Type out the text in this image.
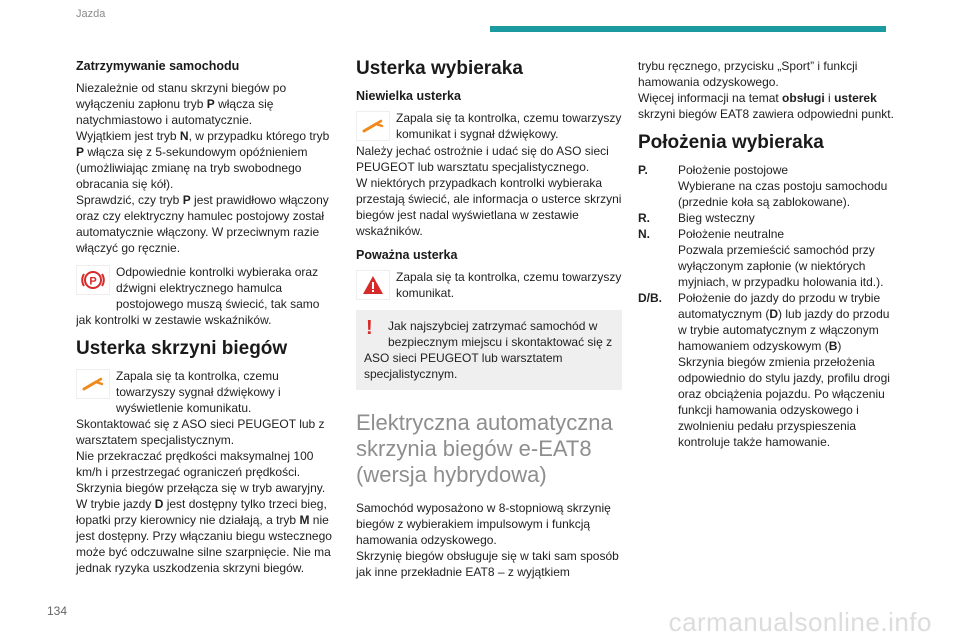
Jazda
Zatrzymywanie samochodu

Niezależnie od stanu skrzyni biegów po wyłączeniu zapłonu tryb P włącza się natychmiastowo i automatycznie.

Wyjątkiem jest tryb N, w przypadku którego tryb P włącza się z 5-sekundowym opóźnieniem (umożliwiając zmianę na tryb swobodnego obracania się kół).

Sprawdzić, czy tryb P jest prawidłowo włączony oraz czy elektryczny hamulec postojowy został automatycznie włączony. W przeciwnym razie włączyć go ręcznie.

P
Odpowiednie kontrolki wybieraka oraz dźwigni elektrycznego hamulca postojowego muszą świecić, tak samo jak kontrolki w zestawie wskaźników.
Usterka skrzyni biegów
Zapala się ta kontrolka, czemu towarzyszy sygnał dźwiękowy i wyświetlenie komunikatu.

Skontaktować się z ASO sieci PEUGEOT lub z warsztatem specjalistycznym.

Nie przekraczać prędkości maksymalnej 100 km/h i przestrzegać ograniczeń prędkości.

Skrzynia biegów przełącza się w tryb awaryjny.

W trybie jazdy D jest dostępny tylko trzeci bieg, łopatki przy kierownicy nie działają, a tryb M nie jest dostępny. Przy włączaniu biegu wstecznego może być odczuwalne silne szarpnięcie. Nie ma jednak ryzyka uszkodzenia skrzyni biegów.

Usterka wybieraka
Niewielka usterka
Zapala się ta kontrolka, czemu towarzyszy komunikat i sygnał dźwiękowy.

Należy jechać ostrożnie i udać się do ASO sieci PEUGEOT lub warsztatu specjalistycznego.

W niektórych przypadkach kontrolki wybieraka przestają świecić, ale informacja o usterce skrzyni biegów jest nadal wyświetlana w zestawie wskaźników.

Poważna usterka
Zapala się ta kontrolka, czemu towarzyszy komunikat.
!	Jak najszybciej zatrzymać samochód w bezpiecznym miejscu i skontaktować się z ASO sieci PEUGEOT lub warsztatem specjalistycznym.
Elektryczna automatyczna skrzynia biegów e-EAT8 (wersja hybrydowa)

Samochód wyposażono w 8-stopniową skrzynię biegów z wybierakiem impulsowym i funkcją hamowania odzyskowego.

Skrzynię biegów obsługuje się w taki sam sposób jak inne przekładnie EAT8 – z wyjątkiem

trybu ręcznego, przycisku „Sport” i funkcji hamowania odzyskowego.

Więcej informacji na temat obsługi i usterek skrzyni biegów EAT8 zawiera odpowiedni punkt.

Położenia wybieraka
P.	Położenie postojowe

Wybierane na czas postoju samochodu (przednie koła są zablokowane).

R.	Bieg wsteczny

N.	Położenie neutralne

Pozwala przemieścić samochód przy wyłączonym zapłonie (w niektórych myjniach, w przypadku holowania itd.).

D/B.	Położenie do jazdy do przodu w trybie automatycznym (D) lub jazdy do przodu w trybie automatycznym z włączonym hamowaniem odzyskowym (B)

Skrzynia biegów zmienia przełożenia odpowiednio do stylu jazdy, profilu drogi oraz obciążenia pojazdu. Po włączeniu funkcji hamowania odzyskowego i zwolnieniu pedału przyspieszenia kontroluje także hamowanie.

134	carmanualsonline.info
